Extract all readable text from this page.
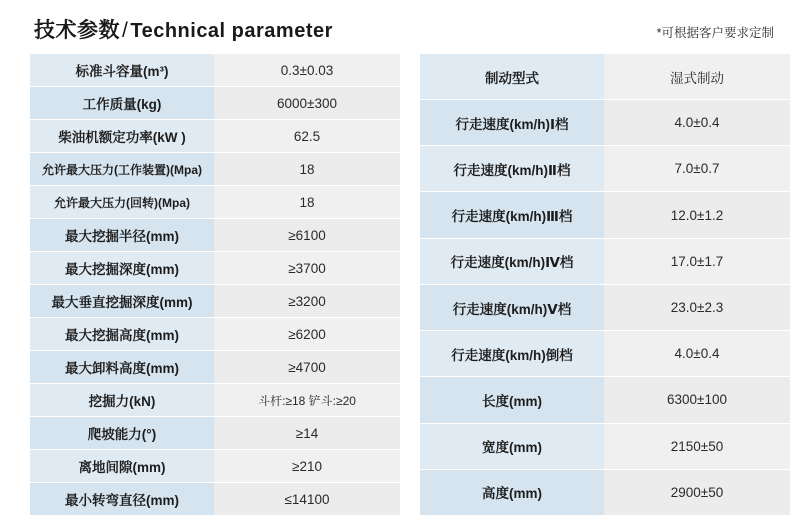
技术参数/ Technical parameter	*可根据客户要求定制
标准斗容量(m³)	0.3±0.03
工作质量(kg)	6000±300
柴油机额定功率(kW )	62.5
允许最大压力(工作装置)(Mpa)	18
允许最大压力(回转)(Mpa)	18
最大挖掘半径(mm)	≥6100
最大挖掘深度(mm)	≥3700
最大垂直挖掘深度(mm)	≥3200
最大挖掘高度(mm)	≥6200
最大卸料高度(mm)	≥4700
挖掘力(kN)	斗杆:≥18 铲斗:≥20
爬坡能力(°)	≥14
离地间隙(mm)	≥210
最小转弯直径(mm)	≤14100
制动型式	湿式制动
行走速度(km/h)Ⅰ档	4.0±0.4
行走速度(km/h)Ⅱ档	7.0±0.7
行走速度(km/h)Ⅲ档	12.0±1.2
行走速度(km/h)Ⅳ档	17.0±1.7
行走速度(km/h)Ⅴ档	23.0±2.3
行走速度(km/h)倒档	4.0±0.4
长度(mm)	6300±100
宽度(mm)	2150±50
高度(mm)	2900±50
